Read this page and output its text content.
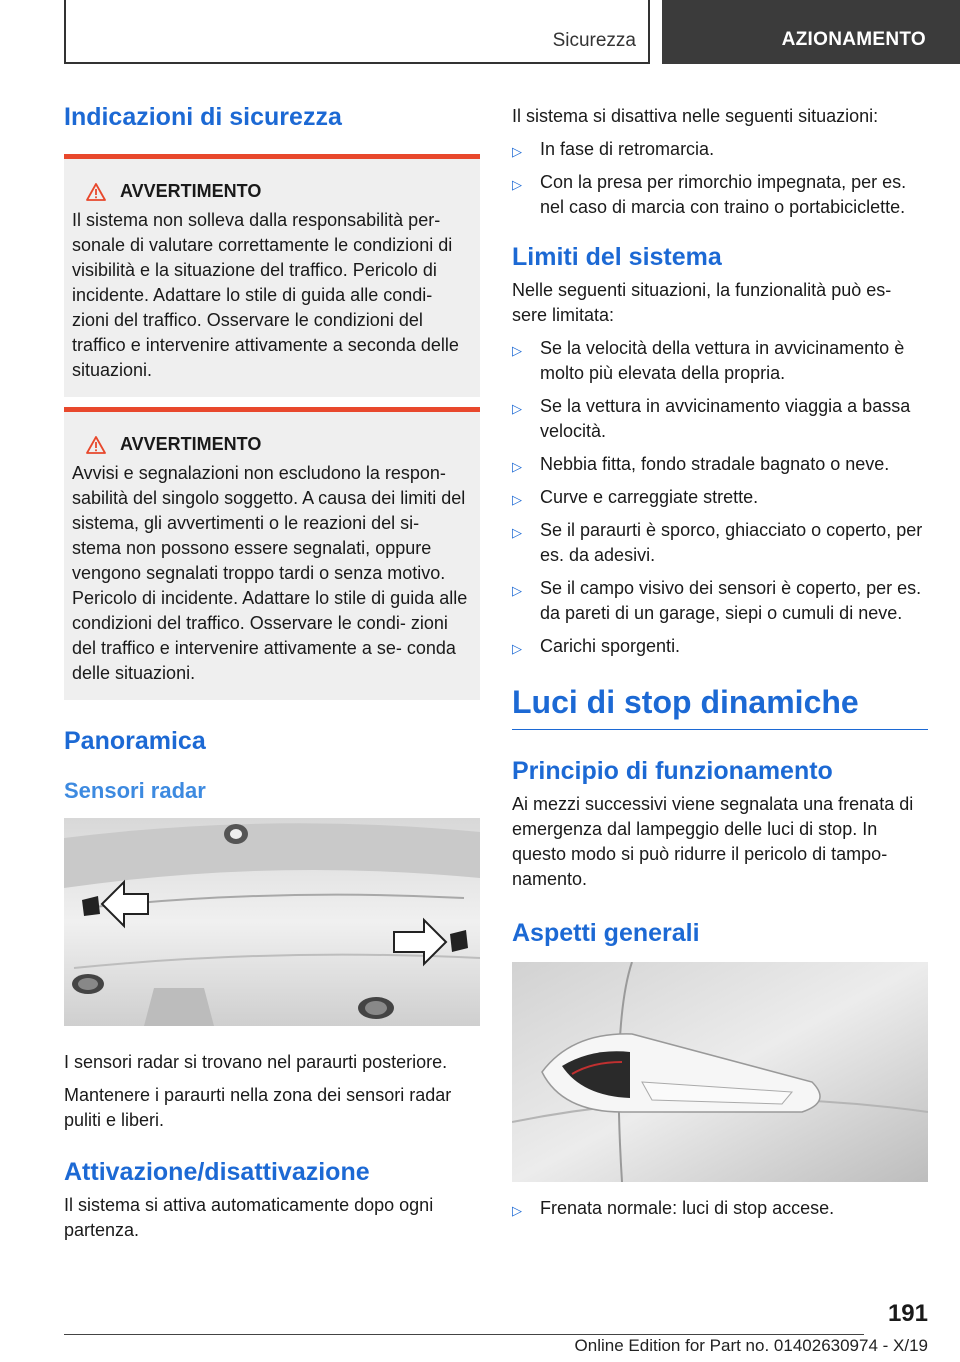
Sicurezza	AZIONAMENTO
Indicazioni di sicurezza
AVVERTIMENTO

Il sistema non solleva dalla responsabilità per- sonale di valutare correttamente le condizioni di visibilità e la situazione del traffico. Pericolo di incidente. Adattare lo stile di guida alle condi- zioni del traffico. Osservare le condizioni del traffico e intervenire attivamente a seconda delle situazioni.

AVVERTIMENTO

Avvisi e segnalazioni non escludono la respon- sabilità del singolo soggetto. A causa dei limiti del sistema, gli avvertimenti o le reazioni del si- stema non possono essere segnalati, oppure vengono segnalati troppo tardi o senza motivo. Pericolo di incidente. Adattare lo stile di guida alle condizioni del traffico. Osservare le condi- zioni del traffico e intervenire attivamente a se- conda delle situazioni.

Panoramica
Sensori radar

I sensori radar si trovano nel paraurti posteriore.

Mantenere i paraurti nella zona dei sensori radar puliti e liberi.

Attivazione/disattivazione

Il sistema si attiva automaticamente dopo ogni partenza.

Il sistema si disattiva nelle seguenti situazioni:

▷ In fase di retromarcia.
▷ Con la presa per rimorchio impegnata, per es. nel caso di marcia con traino o portabiciclette.
Limiti del sistema

Nelle seguenti situazioni, la funzionalità può es- sere limitata:

▷ Se la velocità della vettura in avvicinamento è molto più elevata della propria.
▷ Se la vettura in avvicinamento viaggia a bassa velocità.
▷ Nebbia fitta, fondo stradale bagnato o neve.
▷ Curve e carreggiate strette.
▷ Se il paraurti è sporco, ghiacciato o coperto, per es. da adesivi.
▷ Se il campo visivo dei sensori è coperto, per es. da pareti di un garage, siepi o cumuli di neve.
▷ Carichi sporgenti.
Luci di stop dinamiche
Principio di funzionamento

Ai mezzi successivi viene segnalata una frenata di emergenza dal lampeggio delle luci di stop. In questo modo si può ridurre il pericolo di tampo- namento.

Aspetti generali
▷ Frenata normale: luci di stop accese.
191
Online Edition for Part no. 01402630974 - X/19
